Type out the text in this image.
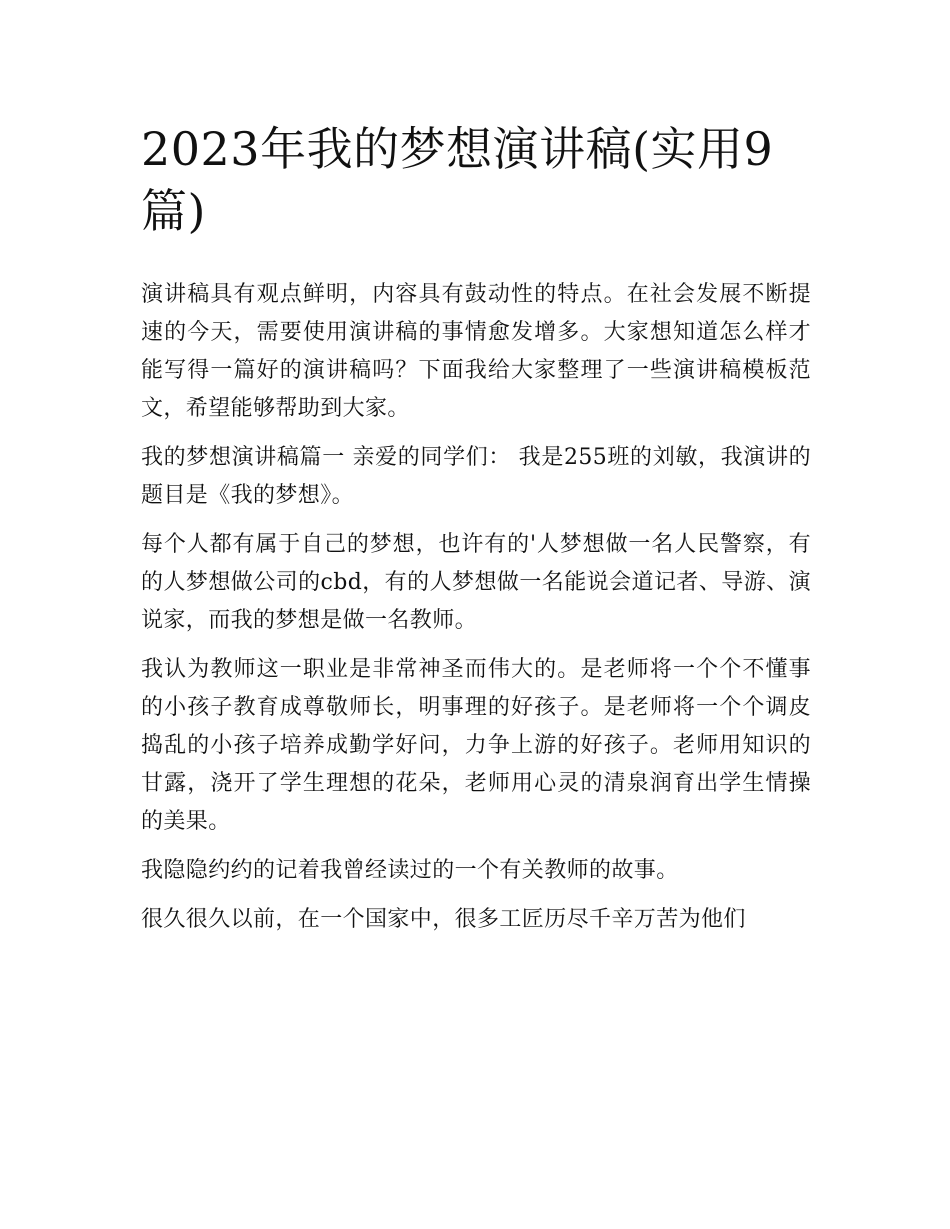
2023年我的梦想演讲稿(实用9篇)

演讲稿具有观点鲜明，内容具有鼓动性的特点。在社会发展不断提速的今天，需要使用演讲稿的事情愈发增多。大家想知道怎么样才能写得一篇好的演讲稿吗？下面我给大家整理了一些演讲稿模板范文，希望能够帮助到大家。

我的梦想演讲稿篇一 亲爱的同学们： 我是255班的刘敏，我演讲的题目是《我的梦想》。

每个人都有属于自己的梦想，也许有的'人梦想做一名人民警察，有的人梦想做公司的cbd，有的人梦想做一名能说会道记者、导游、演说家，而我的梦想是做一名教师。

我认为教师这一职业是非常神圣而伟大的。是老师将一个个不懂事的小孩子教育成尊敬师长，明事理的好孩子。是老师将一个个调皮捣乱的小孩子培养成勤学好问，力争上游的好孩子。老师用知识的甘露，浇开了学生理想的花朵，老师用心灵的清泉润育出学生情操的美果。

我隐隐约约的记着我曾经读过的一个有关教师的故事。

很久很久以前，在一个国家中，很多工匠历尽千辛万苦为他们
